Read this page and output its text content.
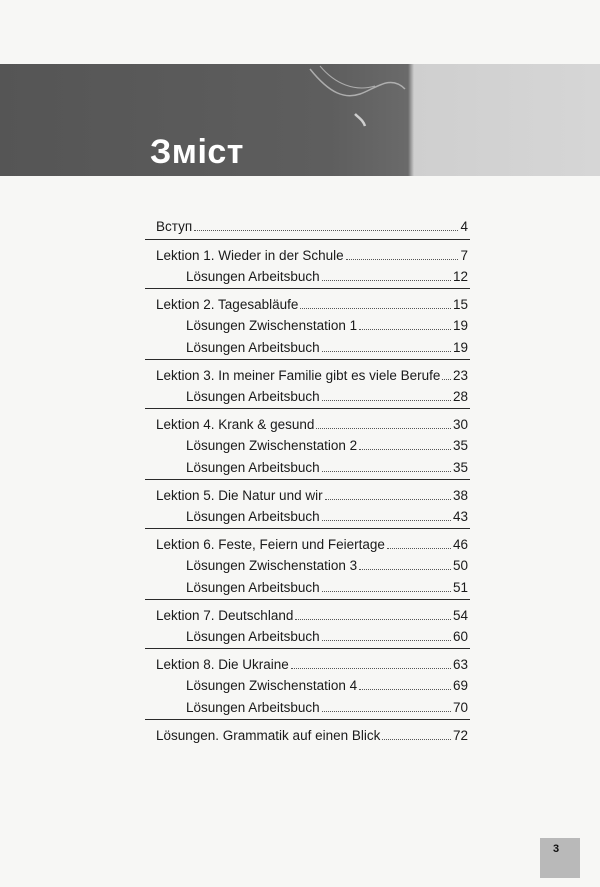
Зміст
Вступ	4
Lektion 1. Wieder in der Schule	7
Lösungen Arbeitsbuch	12
Lektion 2. Tagesabläufe	15
Lösungen Zwischenstation 1	19
Lösungen Arbeitsbuch	19
Lektion 3. In meiner Familie gibt es viele Berufe 23
Lösungen Arbeitsbuch	28
Lektion 4. Krank & gesund	30
Lösungen Zwischenstation 2	35
Lösungen Arbeitsbuch	35
Lektion 5. Die Natur und wir	38
Lösungen Arbeitsbuch	43
Lektion 6. Feste, Feiern und Feiertage	46
Lösungen Zwischenstation 3	50
Lösungen Arbeitsbuch	51
Lektion 7. Deutschland	54
Lösungen Arbeitsbuch	60
Lektion 8. Die Ukraine	63
Lösungen Zwischenstation 4	69
Lösungen Arbeitsbuch	70
Lösungen. Grammatik auf einen Blick	72
3
